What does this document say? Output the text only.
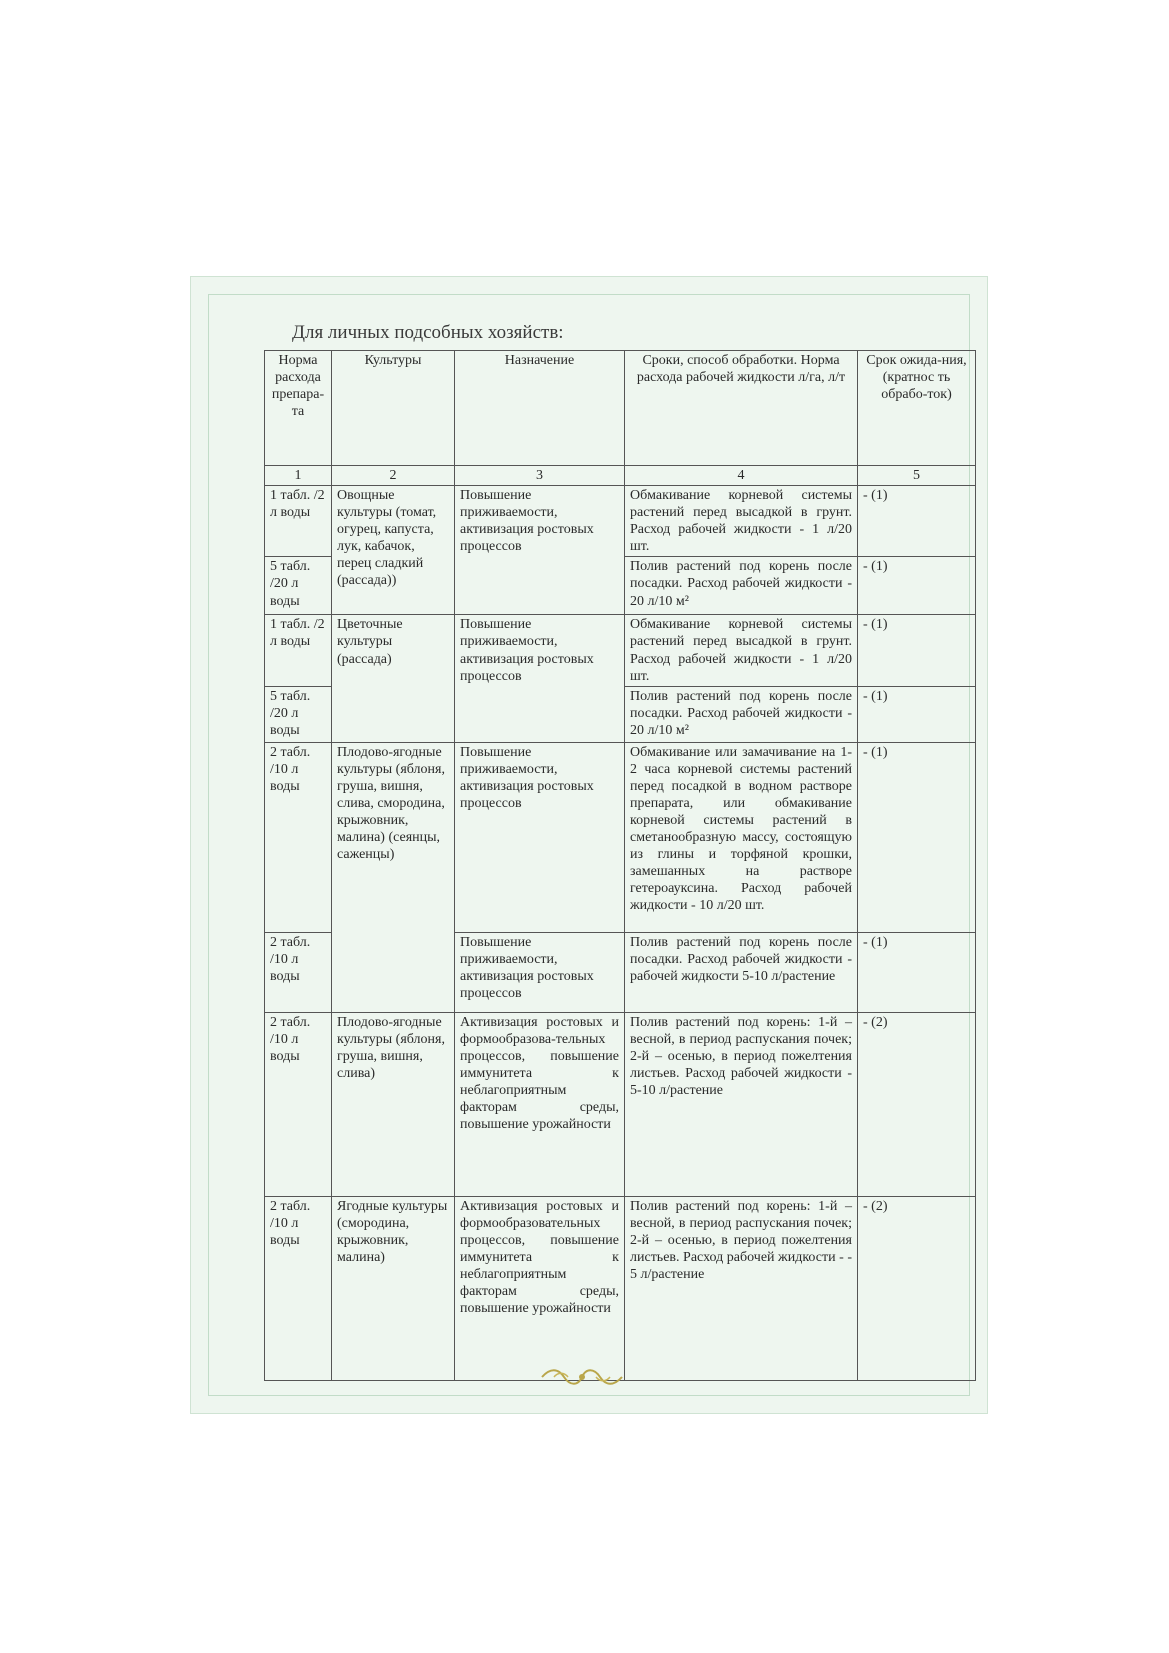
Для личных подсобных хозяйств:
Норма расхода препара-та	Культуры	Назначение	Сроки, способ обработки. Норма расхода рабочей жидкости л/га, л/т	Срок ожида-ния, (кратнос ть обрабо-ток)
1	2	3	4	5
1 табл. /2 л воды	Овощные культуры (томат, огурец, капуста, лук, кабачок, перец сладкий (рассада))	Повышение приживаемости, активизация ростовых процессов	Обмакивание корневой системы растений перед высадкой в грунт. Расход рабочей жидкости - 1 л/20 шт.	- (1)
5 табл. /20 л воды			Полив растений под корень после посадки. Расход рабочей жидкости - 20 л/10 м²	- (1)
1 табл. /2 л воды	Цветочные культуры (рассада)	Повышение приживаемости, активизация ростовых процессов	Обмакивание корневой системы растений перед высадкой в грунт. Расход рабочей жидкости - 1 л/20 шт.	- (1)
5 табл. /20 л воды			Полив растений под корень после посадки. Расход рабочей жидкости - 20 л/10 м²	- (1)
2 табл. /10 л воды	Плодово-ягодные культуры (яблоня, груша, вишня, слива, смородина, крыжовник, малина) (сеянцы, саженцы)	Повышение приживаемости, активизация ростовых процессов	Обмакивание или замачивание на 1-2 часа корневой системы растений перед посадкой в водном растворе препарата, или обмакивание корневой системы растений в сметанообразную массу, состоящую из глины и торфяной крошки, замешанных на растворе гетероауксина. Расход рабочей жидкости - 10 л/20 шт.	- (1)
2 табл. /10 л воды		Повышение приживаемости, активизация ростовых процессов	Полив растений под корень после посадки. Расход рабочей жидкости - рабочей жидкости 5-10 л/растение	- (1)
2 табл. /10 л воды	Плодово-ягодные культуры (яблоня, груша, вишня, слива)	Активизация ростовых и формообразова-тельных процессов, повышение иммунитета к неблагоприятным факторам среды, повышение урожайности	Полив растений под корень: 1-й – весной, в период распускания почек; 2-й – осенью, в период пожелтения листьев. Расход рабочей жидкости - 5-10 л/растение	- (2)
2 табл. /10 л воды	Ягодные культуры (смородина, крыжовник, малина)	Активизация ростовых и формообразовательных процессов, повышение иммунитета к неблагоприятным факторам среды, повышение урожайности	Полив растений под корень: 1-й – весной, в период распускания почек; 2-й – осенью, в период пожелтения листьев. Расход рабочей жидкости - - 5 л/растение	- (2)
